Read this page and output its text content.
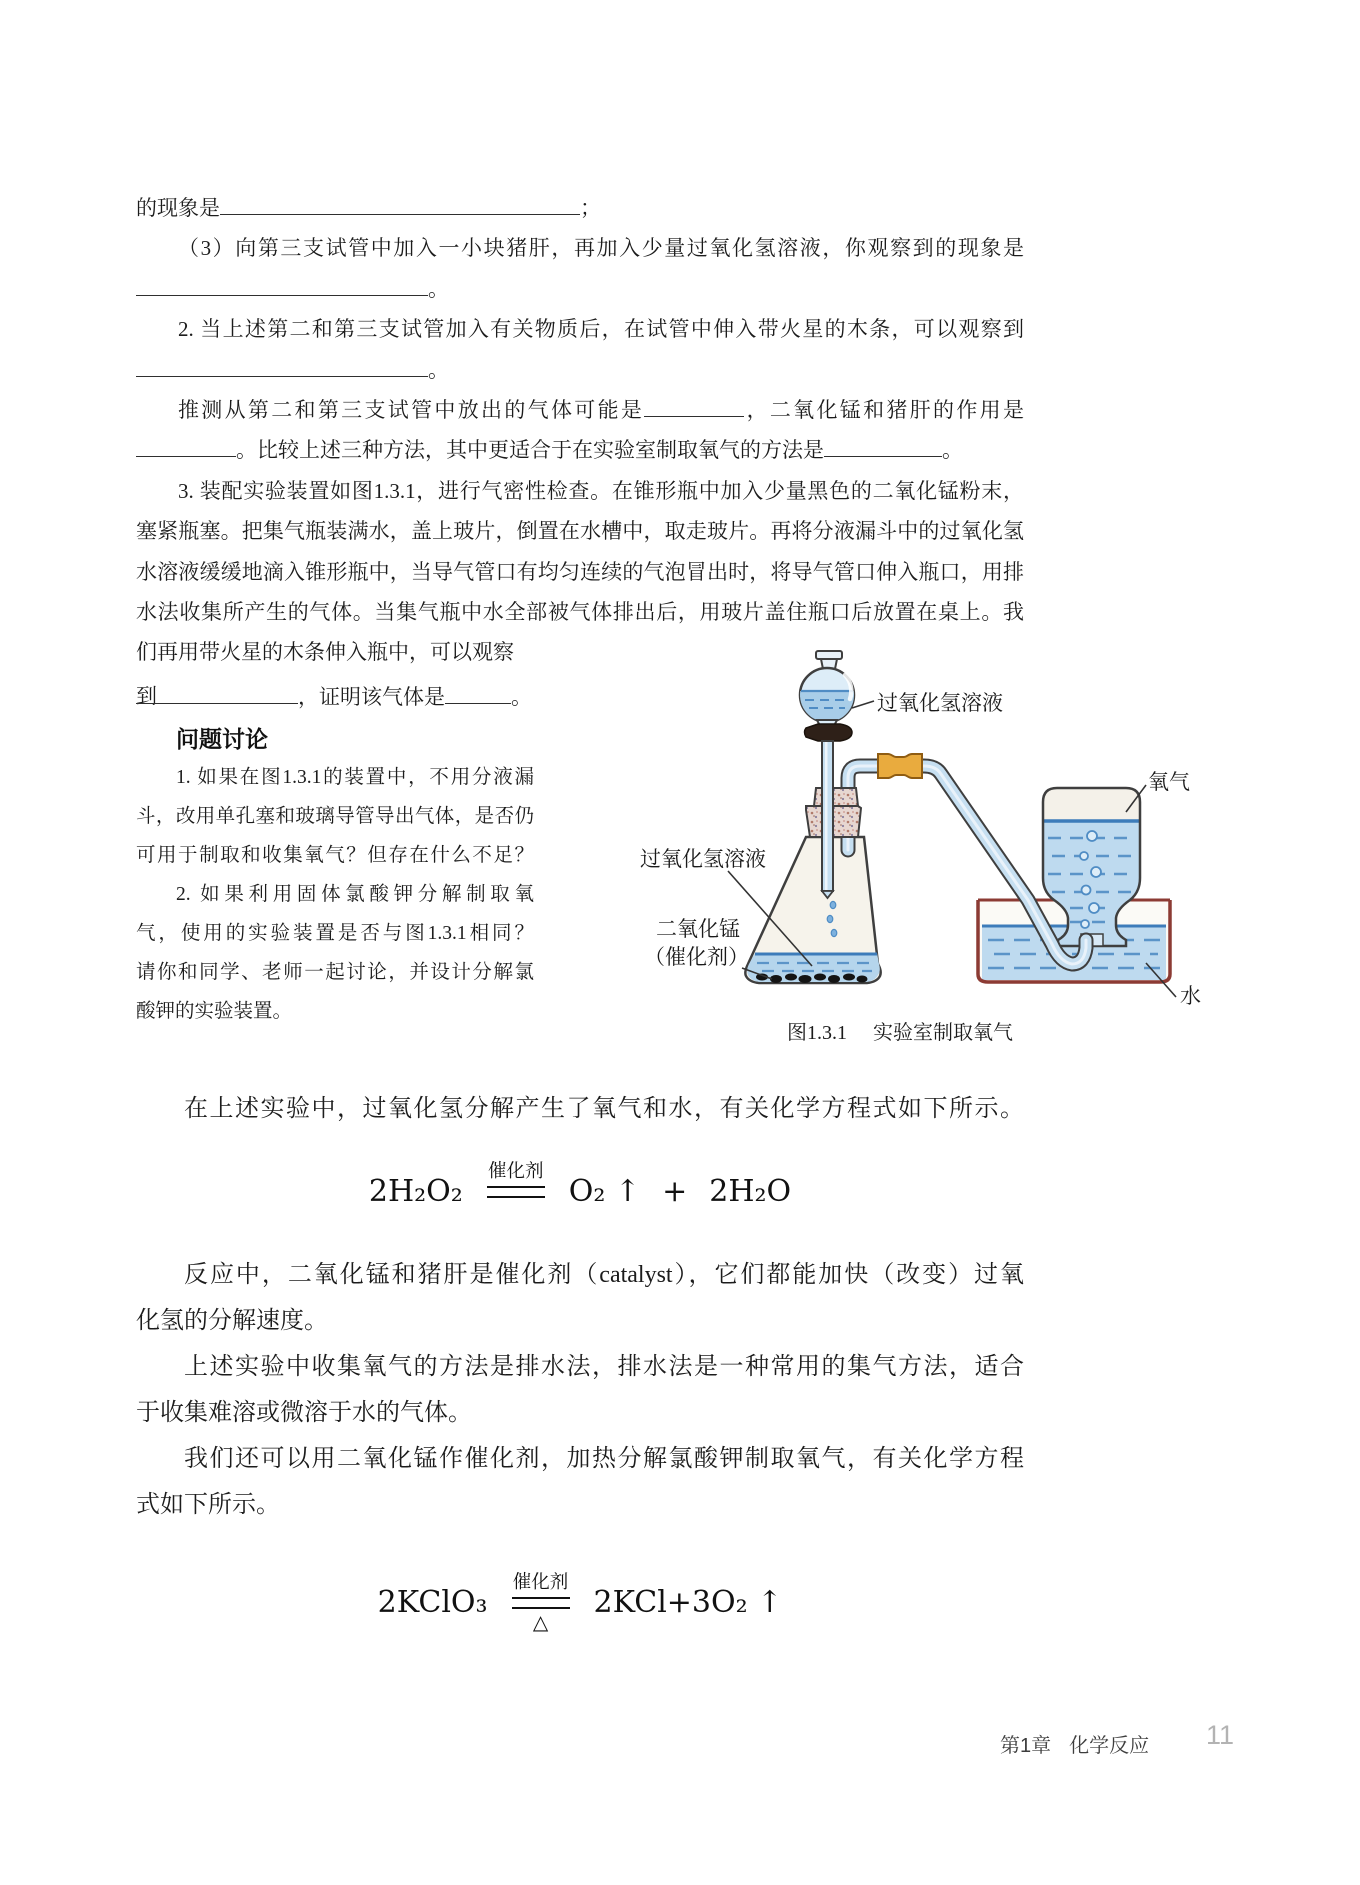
的现象是	；
（3）向第三支试管中加入一小块猪肝，再加入少量过氧化氢溶液，你观察到的现象是
。
2. 当上述第二和第三支试管加入有关物质后，在试管中伸入带火星的木条，可以观察到
。
推测从第二和第三支试管中放出的气体可能是	，二氧化锰和猪肝的作用是
。比较上述三种方法，其中更适合于在实验室制取氧气的方法是	。
3. 装配实验装置如图1.3.1，进行气密性检查。在锥形瓶中加入少量黑色的二氧化锰粉末，
塞紧瓶塞。把集气瓶装满水，盖上玻片，倒置在水槽中，取走玻片。再将分液漏斗中的过氧化氢
水溶液缓缓地滴入锥形瓶中，当导气管口有均匀连续的气泡冒出时，将导气管口伸入瓶口，用排
水法收集所产生的气体。当集气瓶中水全部被气体排出后，用玻片盖住瓶口后放置在桌上。我
们再用带火星的木条伸入瓶中，可以观察到	，证明该气体是	。
问题讨论
1. 如果在图1.3.1的装置中，不用分液漏
斗，改用单孔塞和玻璃导管导出气体，是否仍
可用于制取和收集氧气？但存在什么不足？
2. 如果利用固体氯酸钾分解制取氧
气，使用的实验装置是否与图1.3.1相同？
请你和同学、老师一起讨论，并设计分解氯
酸钾的实验装置。
过氧化氢溶液
氧气
过氧化氢溶液
二氧化锰
（催化剂）
水
图1.3.1 实验室制取氧气
在上述实验中，过氧化氢分解产生了氧气和水，有关化学方程式如下所示。
2H₂O₂
催化剂
O₂ ↑ + 2H₂O
反应中，二氧化锰和猪肝是催化剂（catalyst），它们都能加快（改变）过氧
化氢的分解速度。
上述实验中收集氧气的方法是排水法，排水法是一种常用的集气方法，适合
于收集难溶或微溶于水的气体。
我们还可以用二氧化锰作催化剂，加热分解氯酸钾制取氧气，有关化学方程
式如下所示。
2KClO₃
催化剂
△
2KCl+3O₂ ↑
第1章 化学反应 11
